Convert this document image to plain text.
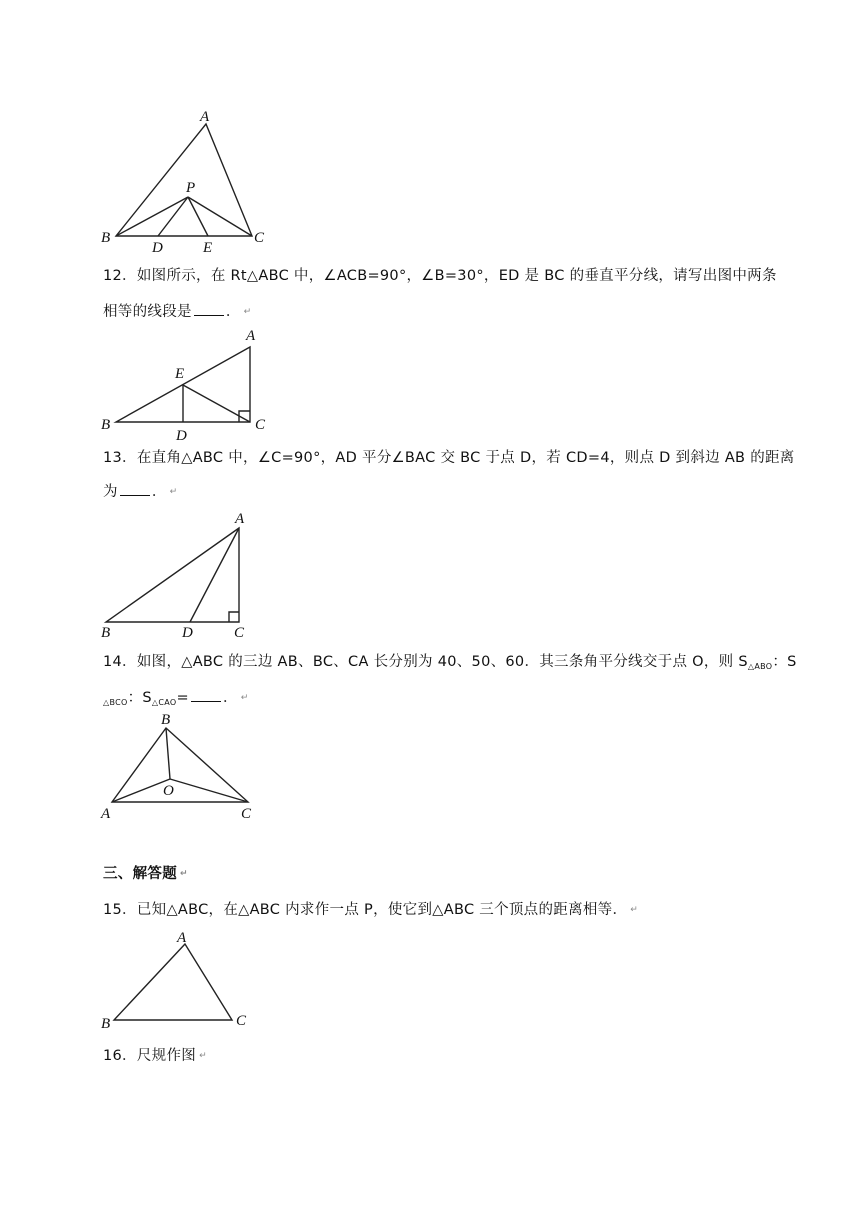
A
P
B
D	E
C
A
E
B
D
C
A
B	D	C
B
O
A	C
A
B	C
12．如图所示，在 Rt△ABC 中，∠ACB=90°，∠B=30°，ED 是 BC 的垂直平分线，请写出图中两条
相等的线段是 ． ↵
13．在直角△ABC 中，∠C=90°，AD 平分∠BAC 交 BC 于点 D，若 CD=4，则点 D 到斜边 AB 的距离
为 ． ↵
14．如图，△ABC 的三边 AB、BC、CA 长分别为 40、50、60．其三条角平分线交于点 O，则 $S_{\triangle ABO}$：S
$_{\triangle BCO}$：$S_{\triangle CAO}=$ ． ↵
三、解答题 ↵
15．已知△ABC，在△ABC 内求作一点 P，使它到△ABC 三个顶点的距离相等． ↵
16．尺规作图 ↵
